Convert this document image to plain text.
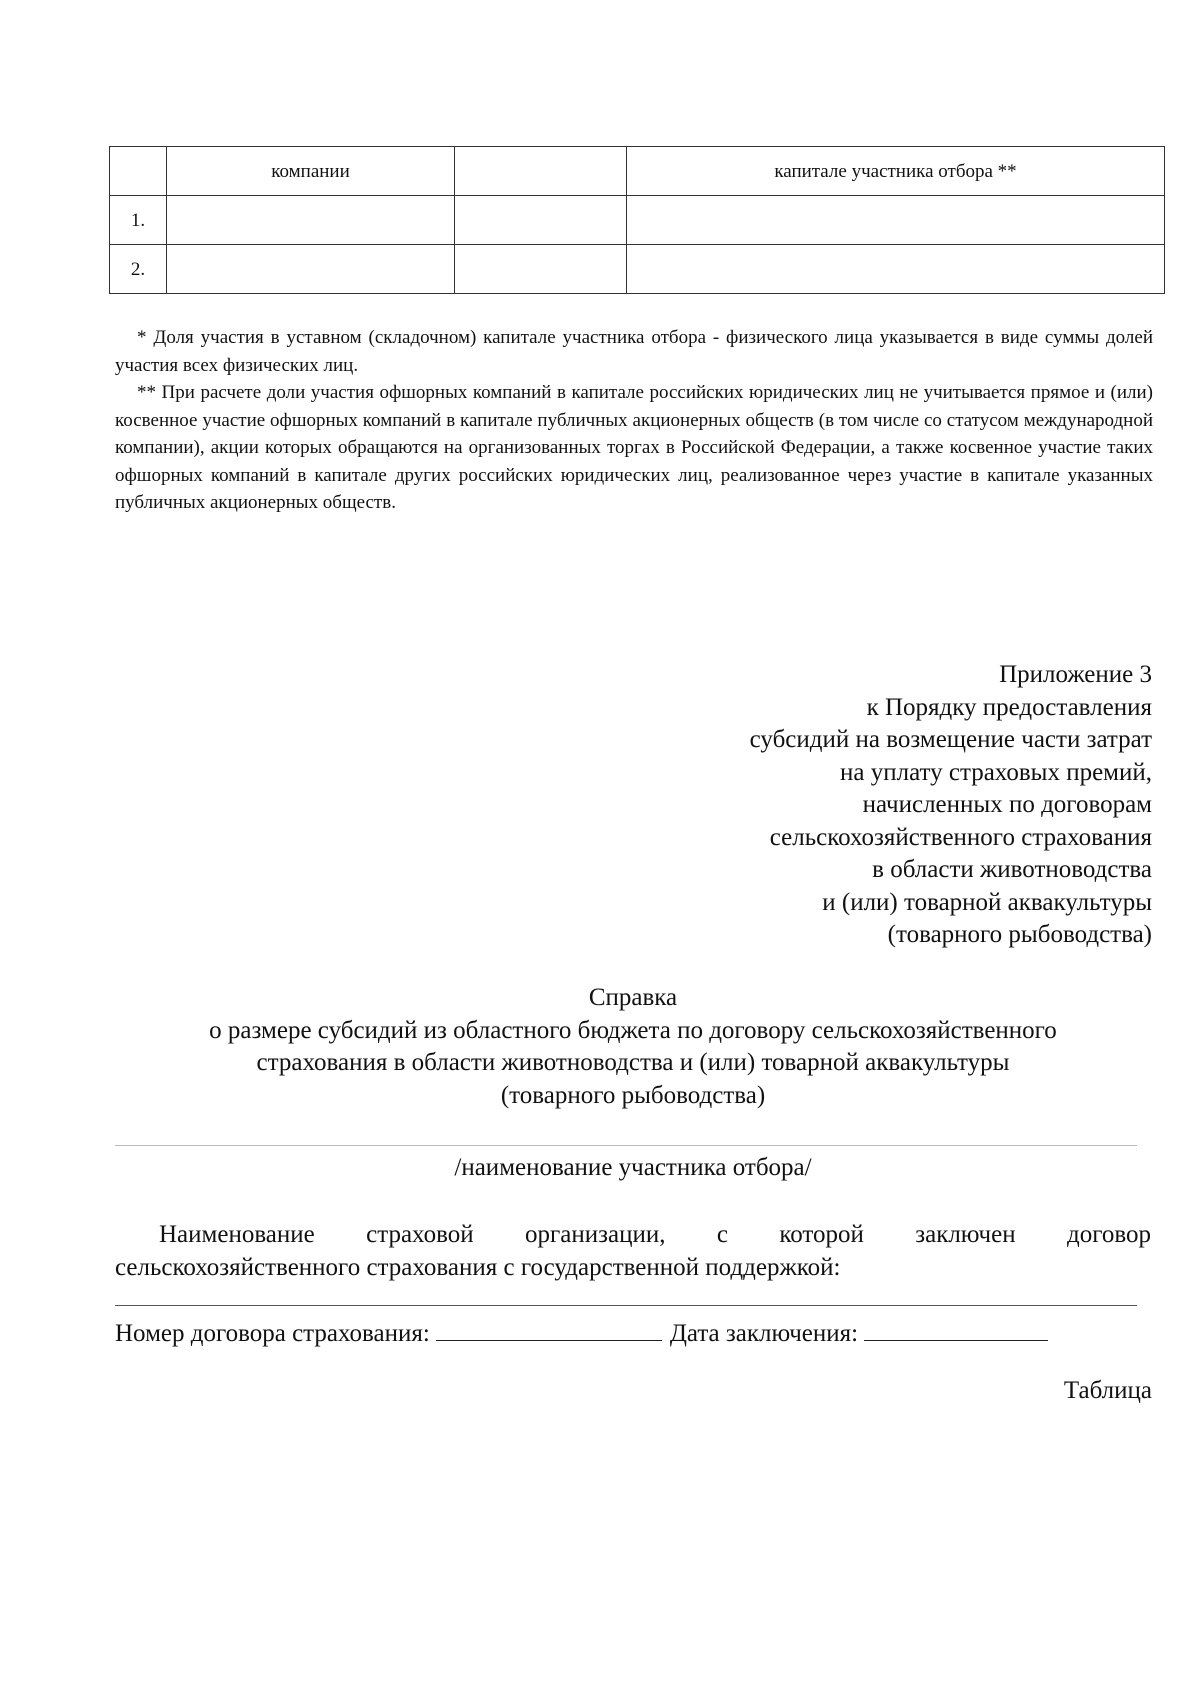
	компании		капитале участника отбора **
1.			
2.			

* Доля участия в уставном (складочном) капитале участника отбора - физического лица указывается в виде суммы долей участия всех физических лиц.

** При расчете доли участия офшорных компаний в капитале российских юридических лиц не учитывается прямое и (или) косвенное участие офшорных компаний в капитале публичных акционерных обществ (в том числе со статусом международной компании), акции которых обращаются на организованных торгах в Российской Федерации, а также косвенное участие таких офшорных компаний в капитале других российских юридических лиц, реализованное через участие в капитале указанных публичных акционерных обществ.

Приложение 3
к Порядку предоставления
субсидий на возмещение части затрат
на уплату страховых премий,
начисленных по договорам
сельскохозяйственного страхования
в области животноводства
и (или) товарной аквакультуры
(товарного рыбоводства)
Справка
о размере субсидий из областного бюджета по договору сельскохозяйственного
страхования в области животноводства и (или) товарной аквакультуры
(товарного рыбоводства)
/наименование участника отбора/
Наименование страховой организации, с которой заключен договор
сельскохозяйственного страхования с государственной поддержкой:
Номер договора страхования:	Дата заключения:
Таблица
